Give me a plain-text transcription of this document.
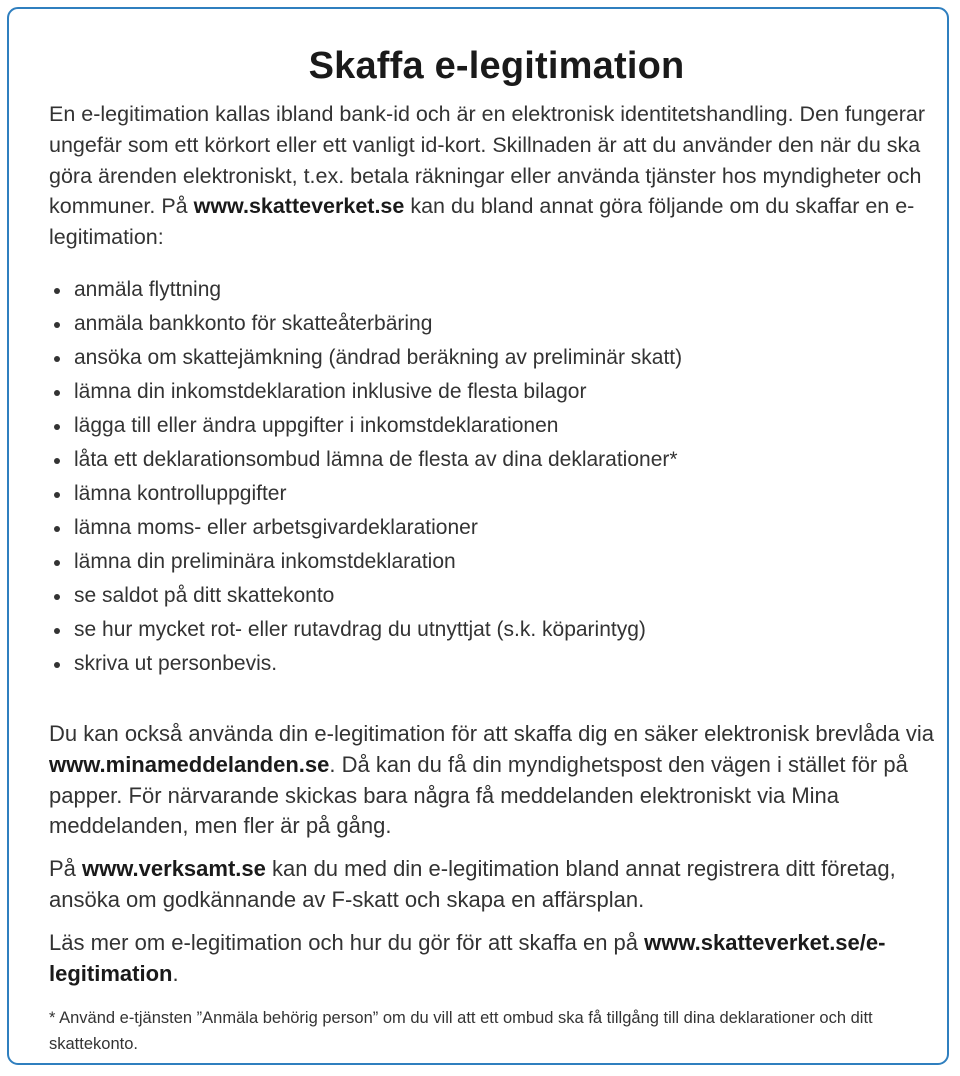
Skaffa e-legitimation

En e-legitimation kallas ibland bank-id och är en elektronisk identitetshandling. Den fungerar ungefär som ett körkort eller ett vanligt id-kort. Skillnaden är att du använder den när du ska göra ärenden elektroniskt, t.ex. betala räkningar eller använda tjänster hos myndigheter och kommuner. På www.skatteverket.se kan du bland annat göra följande om du skaffar en e-legitimation:

anmäla flyttning
anmäla bankkonto för skatteåterbäring
ansöka om skattejämkning (ändrad beräkning av preliminär skatt)
lämna din inkomstdeklaration inklusive de flesta bilagor
lägga till eller ändra uppgifter i inkomstdeklarationen
låta ett deklarationsombud lämna de flesta av dina deklarationer*
lämna kontrolluppgifter
lämna moms- eller arbetsgivardeklarationer
lämna din preliminära inkomstdeklaration
se saldot på ditt skattekonto
se hur mycket rot- eller rutavdrag du utnyttjat (s.k. köparintyg)
skriva ut personbevis.

Du kan också använda din e-legitimation för att skaffa dig en säker elektronisk brevlåda via www.minameddelanden.se. Då kan du få din myndighetspost den vägen i stället för på papper. För närvarande skickas bara några få meddelanden elektroniskt via Mina meddelanden, men fler är på gång.

På www.verksamt.se kan du med din e-legitimation bland annat registrera ditt företag, ansöka om godkännande av F-skatt och skapa en affärsplan.

Läs mer om e-legitimation och hur du gör för att skaffa en på www.skatteverket.se/e-legitimation.

* Använd e-tjänsten ”Anmäla behörig person” om du vill att ett ombud ska få tillgång till dina deklarationer och ditt skattekonto.
